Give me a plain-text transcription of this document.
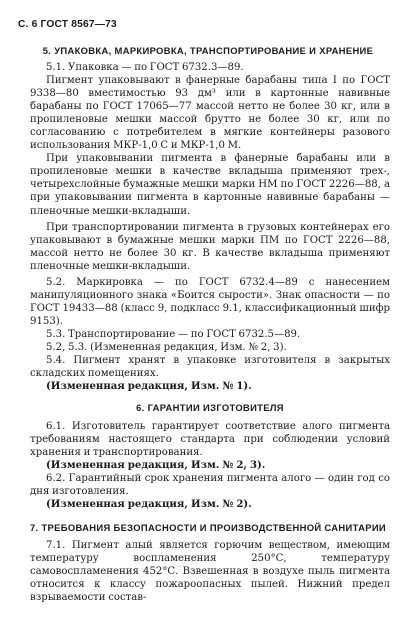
С. 6 ГОСТ 8567—73
5. УПАКОВКА, МАРКИРОВКА, ТРАНСПОРТИРОВАНИЕ И ХРАНЕНИЕ

5.1. Упаковка — по ГОСТ 6732.3—89.

Пигмент упаковывают в фанерные барабаны типа I по ГОСТ 9338—80 вместимостью 93 дм³ или в картонные навивные барабаны по ГОСТ 17065—77 массой нетто не более 30 кг, или в пропиленовые мешки массой брутто не более 30 кг, или по согласованию с потребителем в мягкие контейнеры разового использования МКР-1,0 С и МКР-1,0 М.

При упаковывании пигмента в фанерные барабаны или в пропиленовые мешки в качестве вкладыша применяют трех-, четырехслойные бумажные мешки марки НМ по ГОСТ 2226—88, а при упаковывании пигмента в картонные навивные барабаны — пленочные мешки-вкладыши.

При транспортировании пигмента в грузовых контейнерах его упаковывают в бумажные мешки марки ПМ по ГОСТ 2226—88, массой нетто не более 30 кг. В качестве вкладыша применяют пленочные мешки-вкладыши.

5.2. Маркировка — по ГОСТ 6732.4—89 с нанесением манипуляционного знака «Боится сырости». Знак опасности — по ГОСТ 19433—88 (класс 9, подкласс 9.1, классификационный шифр 9153).

5.3. Транспортирование — по ГОСТ 6732.5—89.

5.2, 5.3. (Измененная редакция, Изм. № 2, 3).

5.4. Пигмент хранят в упаковке изготовителя в закрытых складских помещениях.

(Измененная редакция, Изм. № 1).

6. ГАРАНТИИ ИЗГОТОВИТЕЛЯ

6.1. Изготовитель гарантирует соответствие алого пигмента требованиям настоящего стандарта при соблюдении условий хранения и транспортирования.

(Измененная редакция, Изм. № 2, 3).

6.2. Гарантийный срок хранения пигмента алого — один год со дня изготовления.

(Измененная редакция, Изм. № 2).

7. ТРЕБОВАНИЯ БЕЗОПАСНОСТИ И ПРОИЗВОДСТВЕННОЙ САНИТАРИИ

7.1. Пигмент алый является горючим веществом, имеющим температуру воспламенения 250°С, температуру самовоспламенения 452°С. Взвешенная в воздухе пыль пигмента относится к классу пожароопасных пылей. Нижний предел взрываемости состав-
